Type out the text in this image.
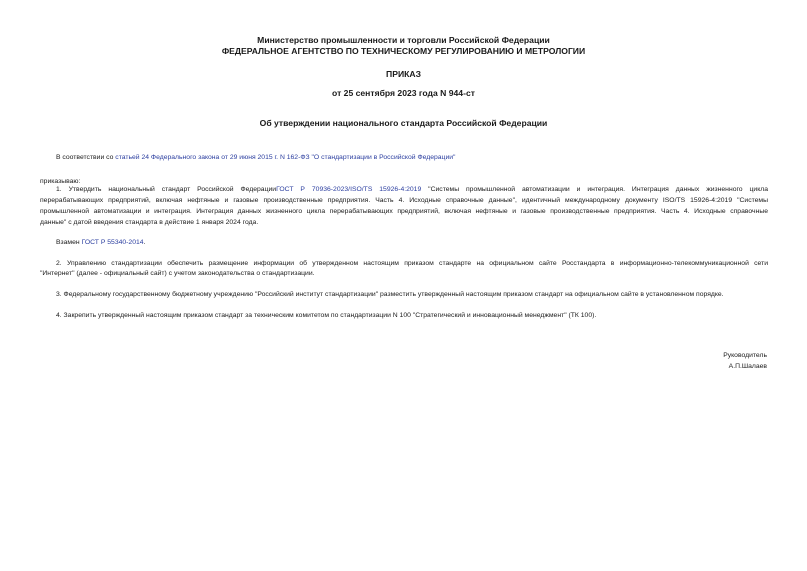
Министерство промышленности и торговли Российской Федерации
ФЕДЕРАЛЬНОЕ АГЕНТСТВО ПО ТЕХНИЧЕСКОМУ РЕГУЛИРОВАНИЮ И МЕТРОЛОГИИ
ПРИКАЗ
от 25 сентября 2023 года N 944-ст
Об утверждении национального стандарта Российской Федерации
В соответствии со статьей 24 Федерального закона от 29 июня 2015 г. N 162-ФЗ "О стандартизации в Российской Федерации"
приказываю:
1. Утвердить национальный стандарт Российской ФедерацииГОСТ Р 70936-2023/ISO/TS 15926-4:2019 "Системы промышленной автоматизации и интеграция. Интеграция данных жизненного цикла
перерабатывающих предприятий, включая нефтяные и газовые производственные предприятия. Часть 4. Исходные справочные данные", идентичный международному документу ISO/TS 15926-4:2019 "Системы
промышленной автоматизации и интеграция. Интеграция данных жизненного цикла перерабатывающих предприятий, включая нефтяные и газовые производственные предприятия. Часть 4. Исходные справочные
данные" с датой введения стандарта в действие 1 января 2024 года.
Взамен ГОСТ Р 55340-2014.
2. Управлению стандартизации обеспечить размещение информации об утвержденном настоящим приказом стандарте на официальном сайте Росстандарта в информационно-телекоммуникационной сети
"Интернет" (далее - официальный сайт) с учетом законодательства о стандартизации.
3. Федеральному государственному бюджетному учреждению "Российский институт стандартизации" разместить утвержденный настоящим приказом стандарт на официальном сайте в установленном порядке.
4. Закрепить утвержденный настоящим приказом стандарт за техническим комитетом по стандартизации N 100 "Стратегический и инновационный менеджмент" (ТК 100).
Руководитель
А.П.Шалаев
